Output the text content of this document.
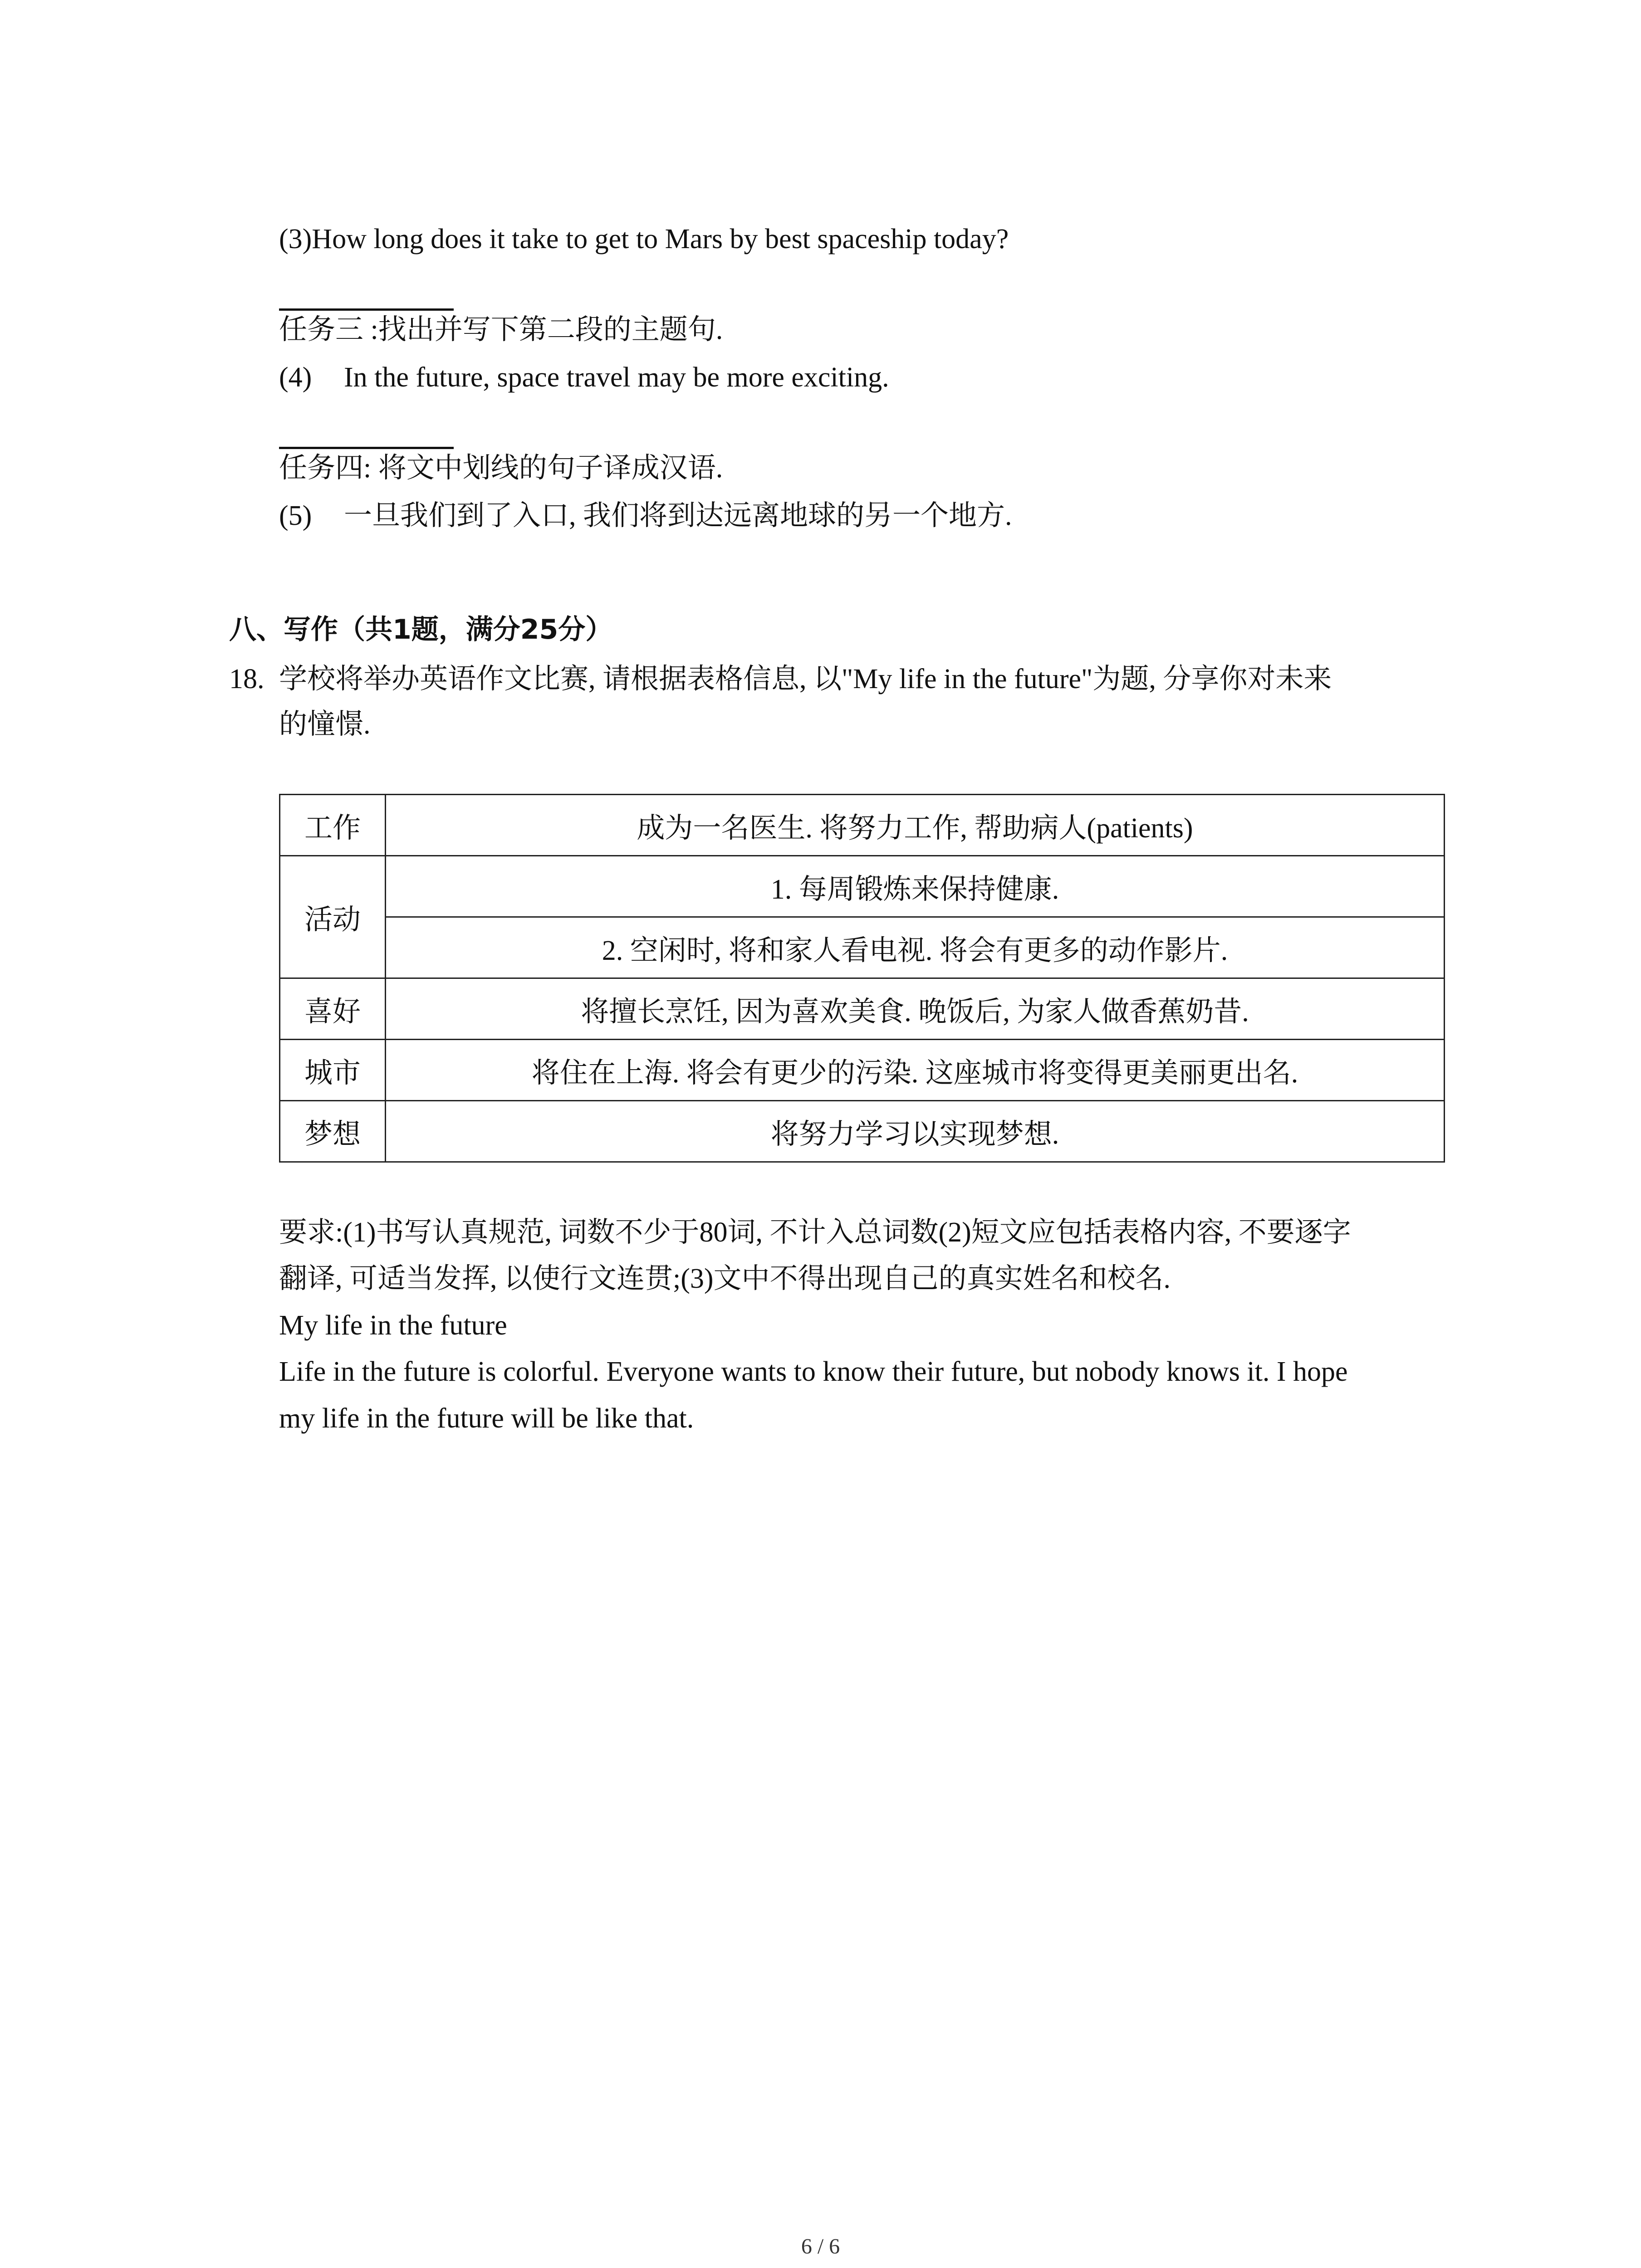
(3)How long does it take to get to Mars by best spaceship today?
任务三 :找出并写下第二段的主题句.
(4) In the future, space travel may be more exciting.
任务四: 将文中划线的句子译成汉语.
(5) 一旦我们到了入口, 我们将到达远离地球的另一个地方.
八、写作（共1题，满分25分）
18. 学校将举办英语作文比赛, 请根据表格信息, 以"My life in the future"为题, 分享你对未来
的憧憬.
工作	成为一名医生. 将努力工作, 帮助病人(patients)
活动	1. 每周锻炼来保持健康.
	2. 空闲时, 将和家人看电视. 将会有更多的动作影片.
喜好	将擅长烹饪, 因为喜欢美食. 晚饭后, 为家人做香蕉奶昔.
城市	将住在上海. 将会有更少的污染. 这座城市将变得更美丽更出名.
梦想	将努力学习以实现梦想.
要求:(1)书写认真规范, 词数不少于80词, 不计入总词数(2)短文应包括表格内容, 不要逐字
翻译, 可适当发挥, 以使行文连贯;(3)文中不得出现自己的真实姓名和校名.
My life in the future
Life in the future is colorful. Everyone wants to know their future, but nobody knows it. I hope
my life in the future will be like that.
6 / 6
